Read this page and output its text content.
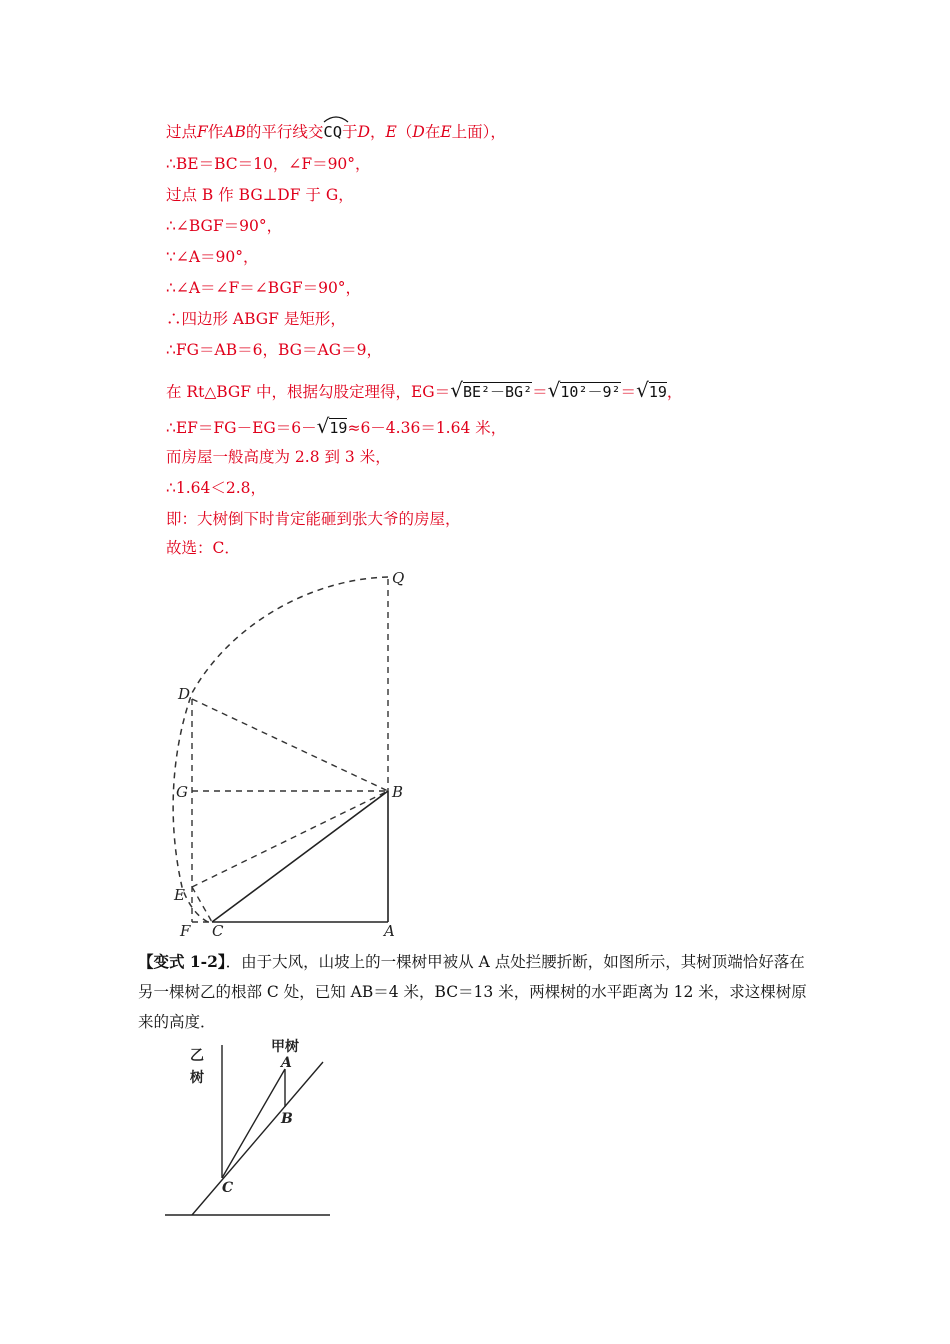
过点F作AB的平行线交
CQ于D，E（D在E上面），
∴BE＝BC＝10，∠F＝90°，
过点 B 作 BG⊥DF 于 G，
∴∠BGF＝90°，
∵∠A＝90°，
∴∠A＝∠F＝∠BGF＝90°，
∴四边形 ABGF 是矩形，
∴FG＝AB＝6，BG＝AG＝9，
在 Rt△BGF 中，根据勾股定理得，EG＝√BE²－BG²＝√10²－9²＝√19，
∴EF＝FG－EG＝6－√19≈6－4.36＝1.64 米，
而房屋一般高度为 2.8 到 3 米，
∴1.64＜2.8，
即：大树倒下时肯定能砸到张大爷的房屋，
故选：C．
Q
D
G	B
E
F C	A
【变式 1-2】．由于大风，山坡上的一棵树甲被从 A 点处拦腰折断，如图所示，其树顶端恰好落在另一棵树乙的根部 C 处，已知 AB＝4 米，BC＝13 米，两棵树的水平距离为 12 米，求这棵树原来的高度．
乙
树
甲树
A
B
C
